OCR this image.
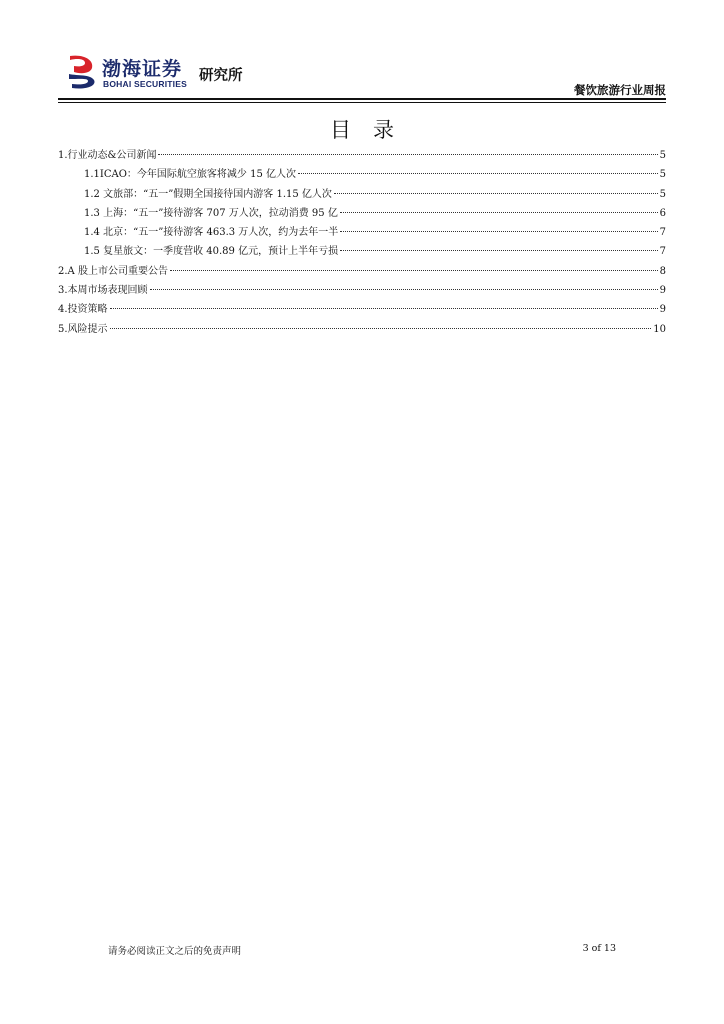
渤海证券
BOHAI SECURITIES 研究所
餐饮旅游行业周报
目录
1.行业动态&公司新闻	5
1.1ICAO：今年国际航空旅客将减少 15 亿人次	5
1.2 文旅部：“五一”假期全国接待国内游客 1.15 亿人次	5
1.3 上海：“五一”接待游客 707 万人次，拉动消费 95 亿	6
1.4 北京：“五一”接待游客 463.3 万人次，约为去年一半	7
1.5 复星旅文：一季度营收 40.89 亿元，预计上半年亏损	7
2.A 股上市公司重要公告	8
3.本周市场表现回顾	9
4.投资策略	9
5.风险提示	10
请务必阅读正文之后的免责声明	3 of 13
